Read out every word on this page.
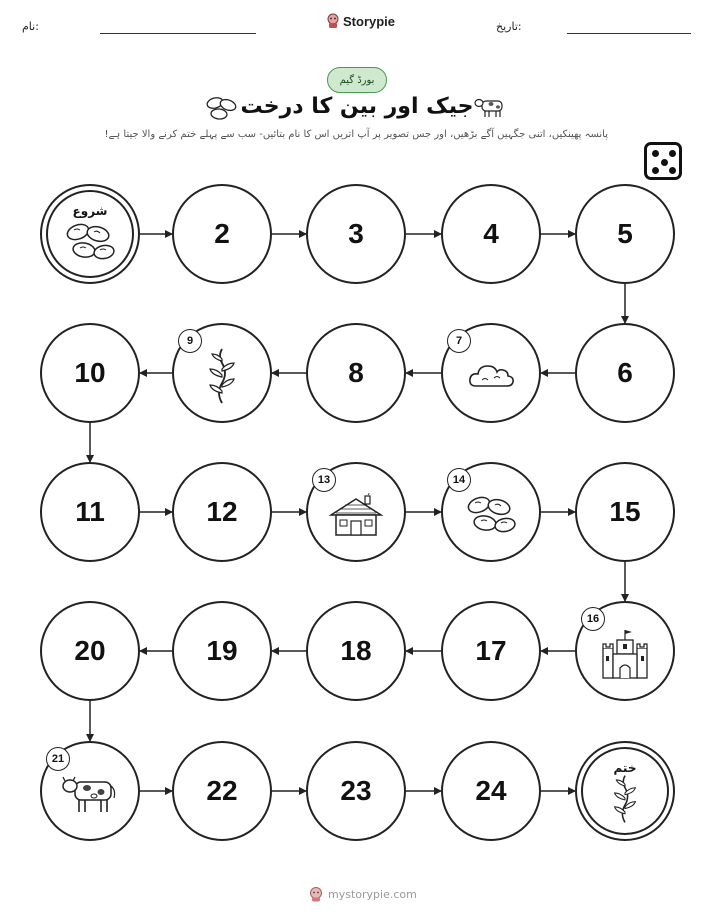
نام:	Storypie	تاریخ:
بورڈ گیم
جیک اور بین کا درخت
پانسہ پھینکیں، اتنی جگہیں آگے بڑھیں، اور جس تصویر پر آپ اتریں اس کا نام بتائیں- سب سے پہلے ختم کرنے والا جیتا ہے!
شروع
2	3	4	5
6
7
8
9
10
11	12
13	14
15
16
17
18
19
20
21
22	23	24
ختم
mystorypie.com
